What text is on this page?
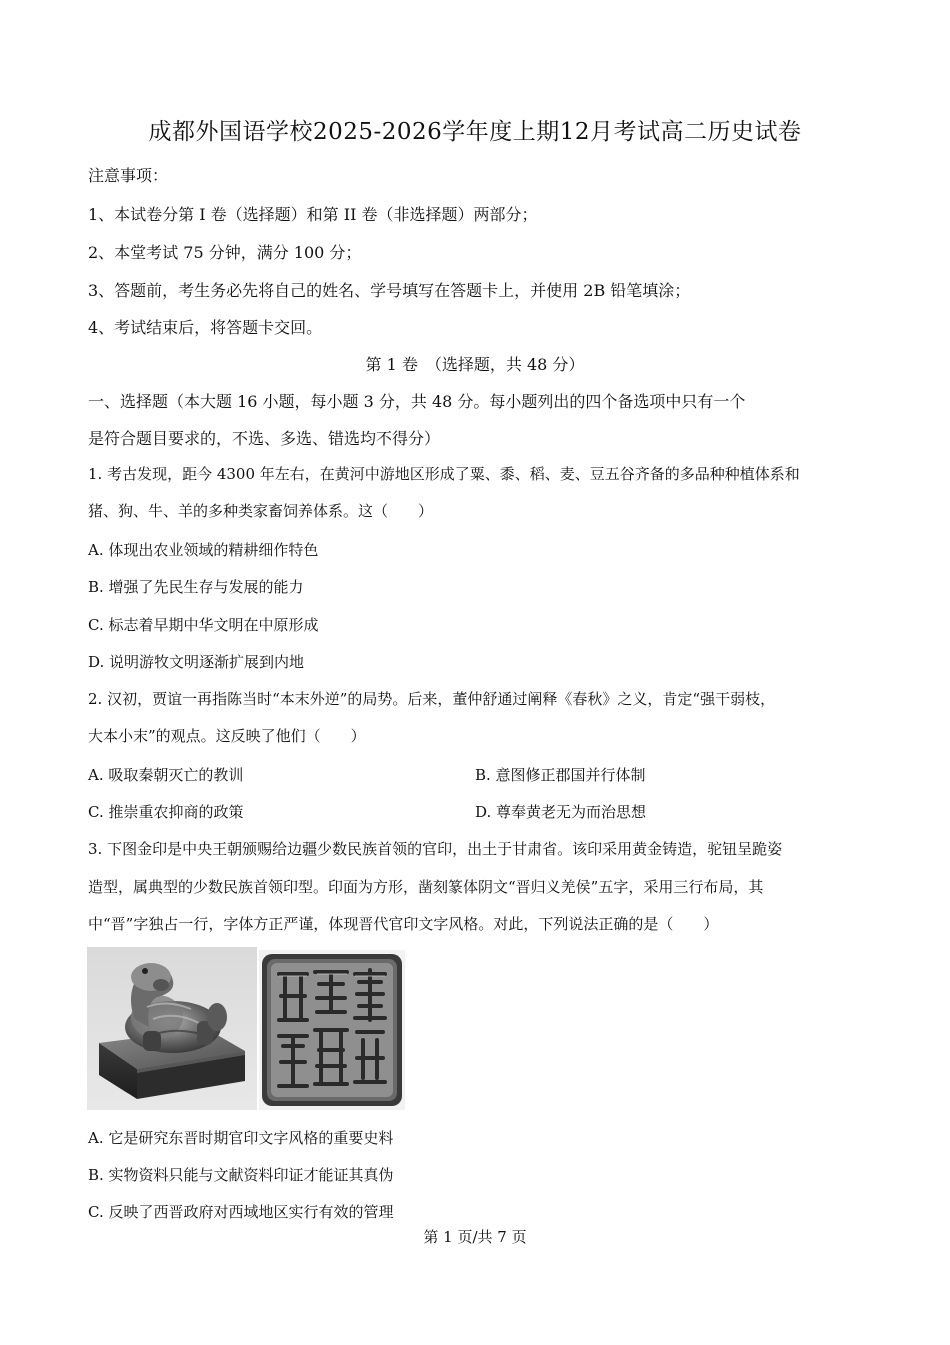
成都外国语学校2025-2026学年度上期12月考试高二历史试卷
注意事项：
1、本试卷分第 I 卷（选择题）和第 II 卷（非选择题）两部分；
2、本堂考试 75 分钟，满分 100 分；
3、答题前，考生务必先将自己的姓名、学号填写在答题卡上，并使用 2B 铅笔填涂；
4、考试结束后，将答题卡交回。
第 1 卷　（选择题，共 48 分）
一、选择题（本大题 16 小题，每小题 3 分，共 48 分。每小题列出的四个备选项中只有一个
是符合题目要求的，不选、多选、错选均不得分）
1. 考古发现，距今 4300 年左右，在黄河中游地区形成了粟、黍、稻、麦、豆五谷齐备的多品种种植体系和
猪、狗、牛、羊的多种类家畜饲养体系。这（　　）
A. 体现出农业领域的精耕细作特色
B. 增强了先民生存与发展的能力
C. 标志着早期中华文明在中原形成
D. 说明游牧文明逐渐扩展到内地
2. 汉初，贾谊一再指陈当时“本末外逆”的局势。后来，董仲舒通过阐释《春秋》之义，肯定“强干弱枝，
大本小末”的观点。这反映了他们（　　）
A. 吸取秦朝灭亡的教训	B. 意图修正郡国并行体制
C. 推崇重农抑商的政策	D. 尊奉黄老无为而治思想
3. 下图金印是中央王朝颁赐给边疆少数民族首领的官印，出土于甘肃省。该印采用黄金铸造，驼钮呈跪姿
造型，属典型的少数民族首领印型。印面为方形，凿刻篆体阴文“晋归义羌侯”五字，采用三行布局，其
中“晋”字独占一行，字体方正严谨，体现晋代官印文字风格。对此，下列说法正确的是（　　）
A. 它是研究东晋时期官印文字风格的重要史料
B. 实物资料只能与文献资料印证才能证其真伪
C. 反映了西晋政府对西域地区实行有效的管理
第 1 页/共 7 页
